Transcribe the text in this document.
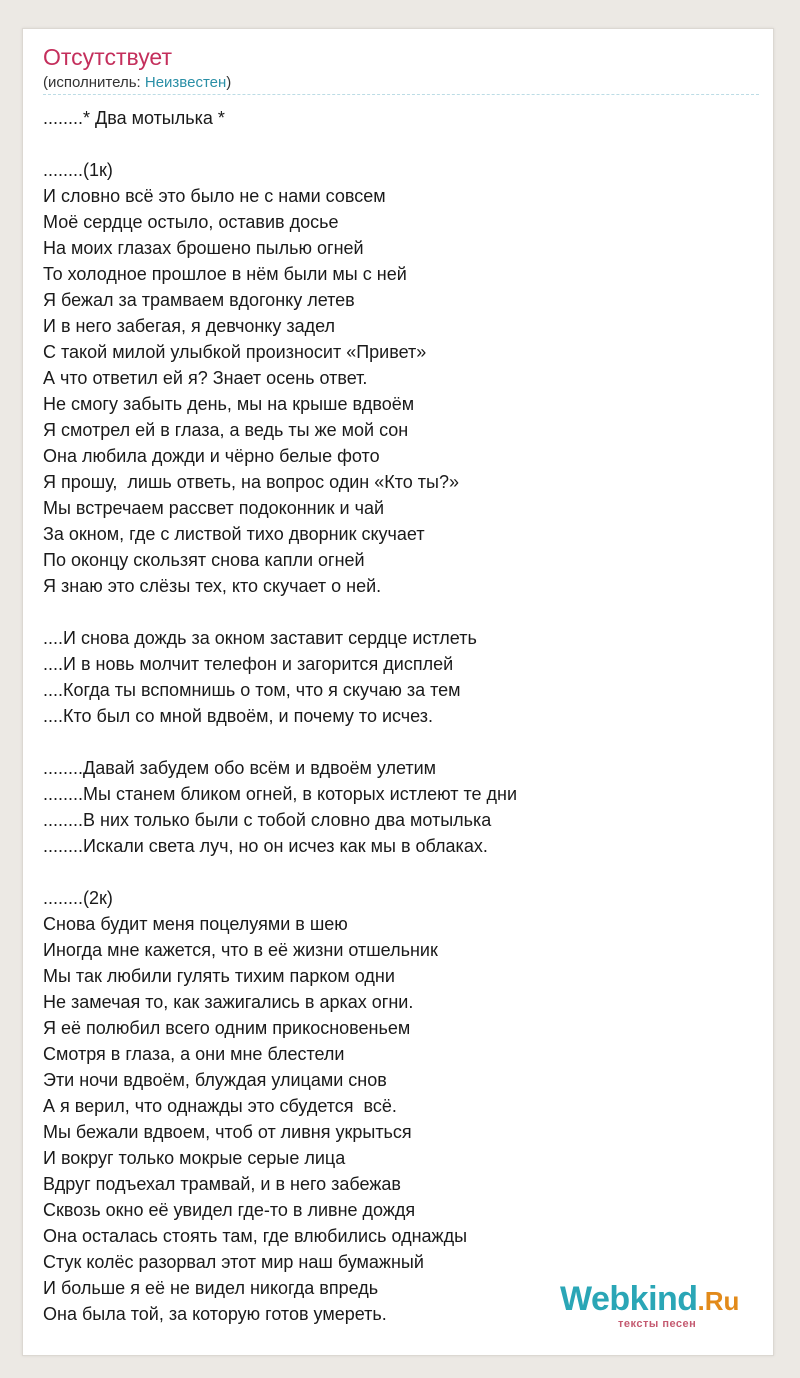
Отсутствует
(исполнитель: Неизвестен)
........* Два мотылька *
........(1к)
И словно всё это было не с нами совсем
Моё сердце остыло, оставив досье
На моих глазах брошено пылью огней
То холодное прошлое в нём были мы с ней
Я бежал за трамваем вдогонку летев
И в него забегая, я девчонку задел
С такой милой улыбкой произносит «Привет»
А что ответил ей я? Знает осень ответ.
Не смогу забыть день, мы на крыше вдвоём
Я смотрел ей в глаза, а ведь ты же мой сон
Она любила дожди и чёрно белые фото
Я прошу,  лишь ответь, на вопрос один «Кто ты?»
Мы встречаем рассвет подоконник и чай
За окном, где с листвой тихо дворник скучает
По оконцу скользят снова капли огней
Я знаю это слёзы тех, кто скучает о ней.
....И снова дождь за окном заставит сердце истлеть
....И в новь молчит телефон и загорится дисплей
....Когда ты вспомнишь о том, что я скучаю за тем
....Кто был со мной вдвоём, и почему то исчез.
........Давай забудем обо всём и вдвоём улетим
........Мы станем бликом огней, в которых истлеют те дни
........В них только были с тобой словно два мотылька
........Искали света луч, но он исчез как мы в облаках.
........(2к)
Снова будит меня поцелуями в шею
Иногда мне кажется, что в её жизни отшельник
Мы так любили гулять тихим парком одни
Не замечая то, как зажигались в арках огни.
Я её полюбил всего одним прикосновеньем
Смотря в глаза, а они мне блестели
Эти ночи вдвоём, блуждая улицами снов
А я верил, что однажды это сбудется  всё.
Мы бежали вдвоем, чтоб от ливня укрыться
И вокруг только мокрые серые лица
Вдруг подъехал трамвай, и в него забежав
Сквозь окно её увидел где-то в ливне дождя
Она осталась стоять там, где влюбились однажды
Стук колёс разорвал этот мир наш бумажный
И больше я её не видел никогда впредь
Она была той, за которую готов умереть.	Webkind.Ru
тексты песен
